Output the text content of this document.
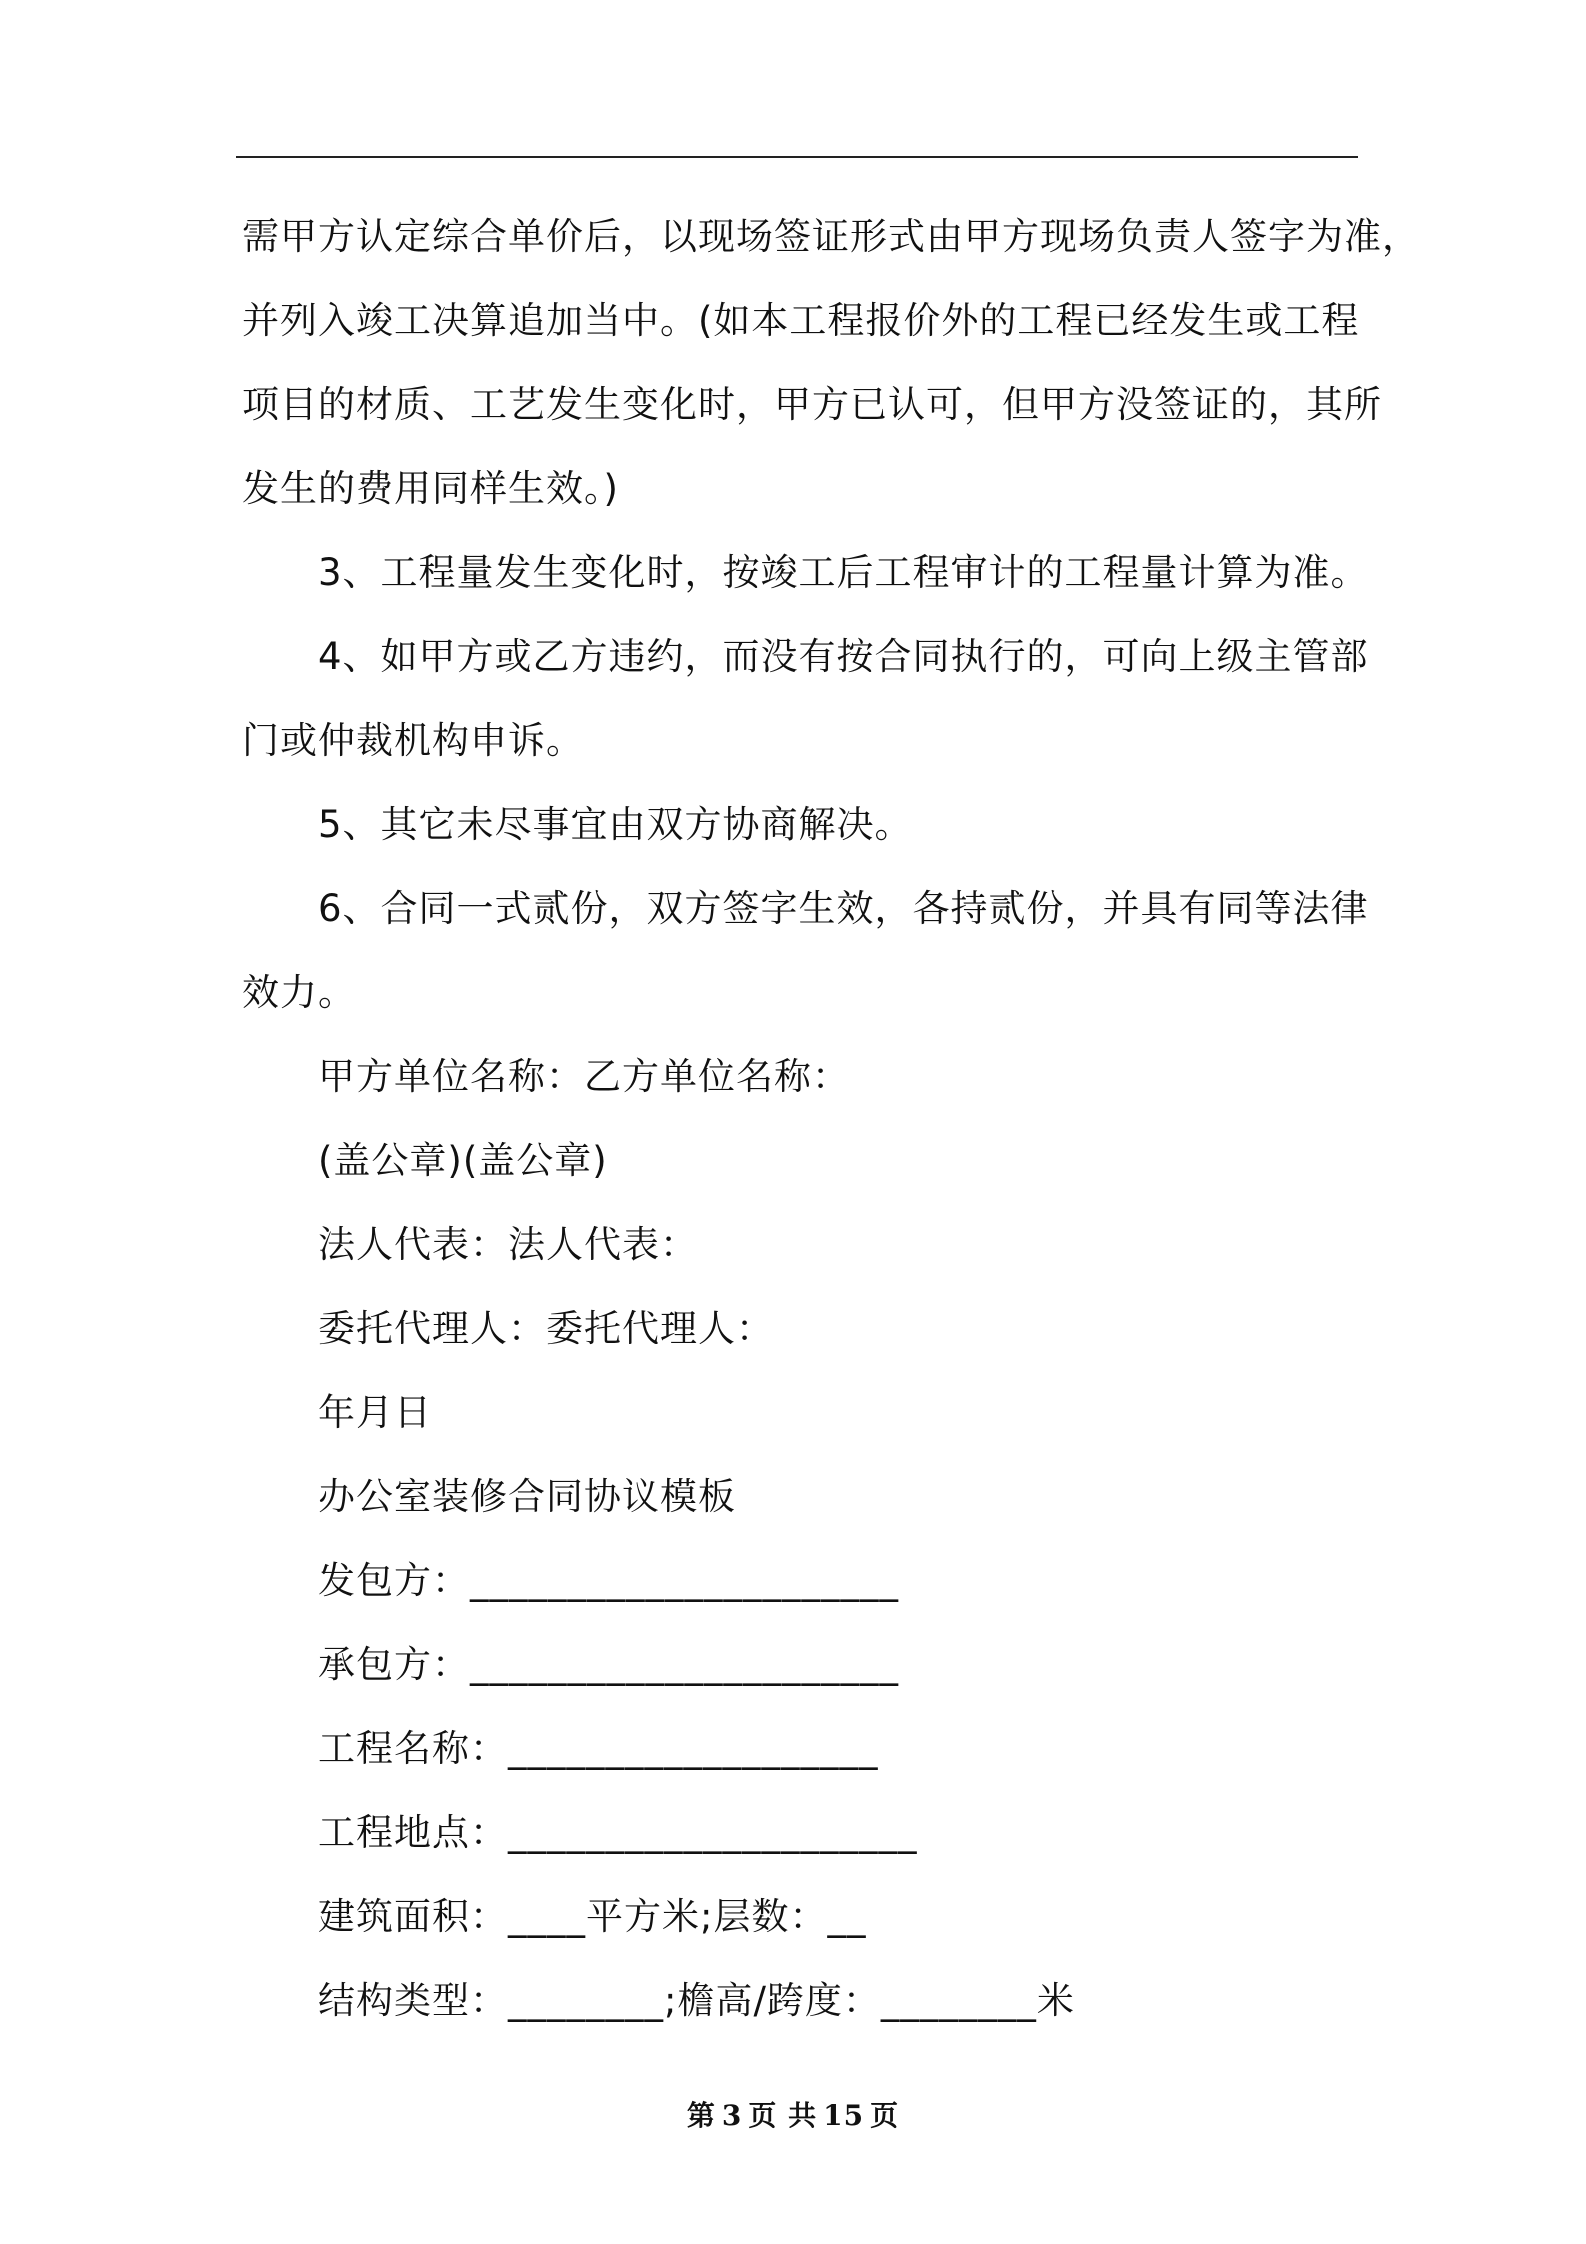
需甲方认定综合单价后，以现场签证形式由甲方现场负责人签字为准，
并列入竣工决算追加当中。(如本工程报价外的工程已经发生或工程
项目的材质、工艺发生变化时，甲方已认可，但甲方没签证的，其所
发生的费用同样生效。)
3、工程量发生变化时，按竣工后工程审计的工程量计算为准。
4、如甲方或乙方违约，而没有按合同执行的，可向上级主管部
门或仲裁机构申诉。
5、其它未尽事宜由双方协商解决。
6、合同一式贰份，双方签字生效，各持贰份，并具有同等法律
效力。
甲方单位名称：乙方单位名称：
(盖公章)(盖公章)
法人代表：法人代表：
委托代理人：委托代理人：
年月日
办公室装修合同协议模板
发包方：______________________
承包方：______________________
工程名称：___________________
工程地点：_____________________
建筑面积：____平方米;层数：__
结构类型：________;檐高/跨度：________米
第 3 页 共 15 页
